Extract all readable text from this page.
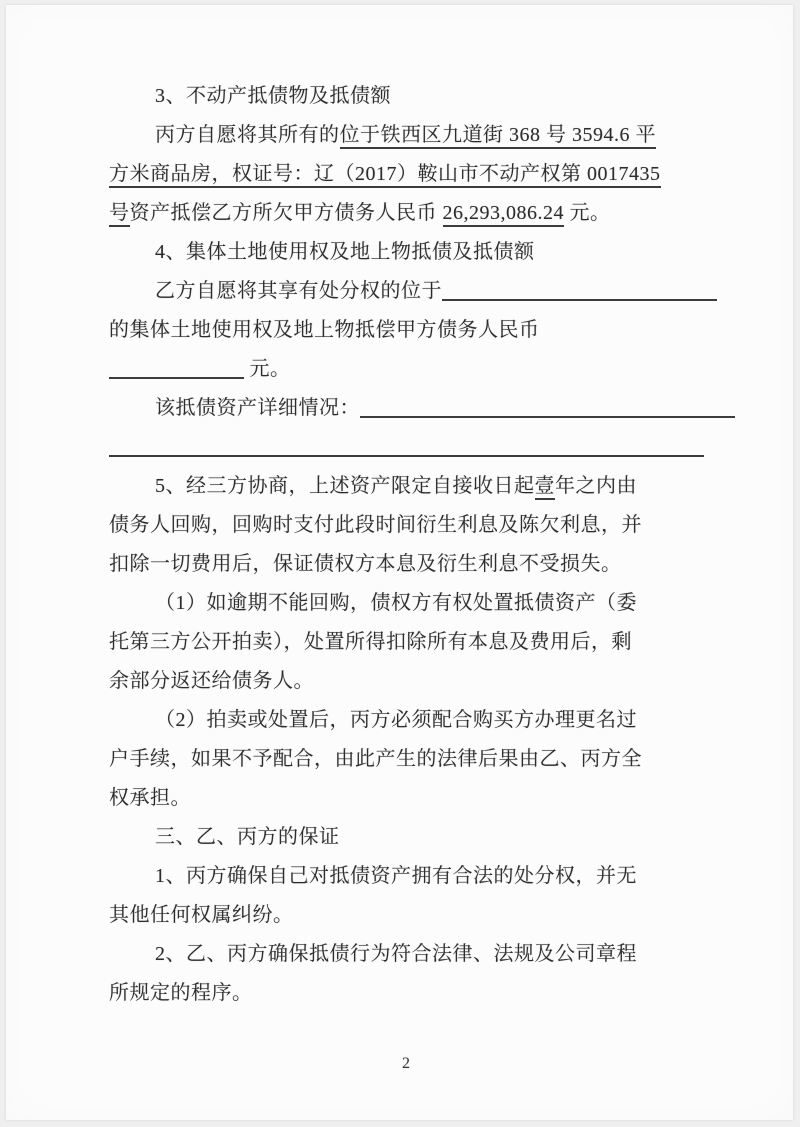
3、不动产抵债物及抵债额
丙方自愿将其所有的位于铁西区九道街 368 号 3594.6 平
方米商品房，权证号：辽（2017）鞍山市不动产权第 0017435
号资产抵偿乙方所欠甲方债务人民币 26,293,086.24 元。
4、集体土地使用权及地上物抵债及抵债额
乙方自愿将其享有处分权的位于
的集体土地使用权及地上物抵偿甲方债务人民币
元。
该抵债资产详细情况：
5、经三方协商，上述资产限定自接收日起壹年之内由
债务人回购，回购时支付此段时间衍生利息及陈欠利息，并
扣除一切费用后，保证债权方本息及衍生利息不受损失。
（1）如逾期不能回购，债权方有权处置抵债资产（委
托第三方公开拍卖），处置所得扣除所有本息及费用后，剩
余部分返还给债务人。
（2）拍卖或处置后，丙方必须配合购买方办理更名过
户手续，如果不予配合，由此产生的法律后果由乙、丙方全
权承担。
三、乙、丙方的保证
1、丙方确保自己对抵债资产拥有合法的处分权，并无
其他任何权属纠纷。
2、乙、丙方确保抵债行为符合法律、法规及公司章程
所规定的程序。
2
